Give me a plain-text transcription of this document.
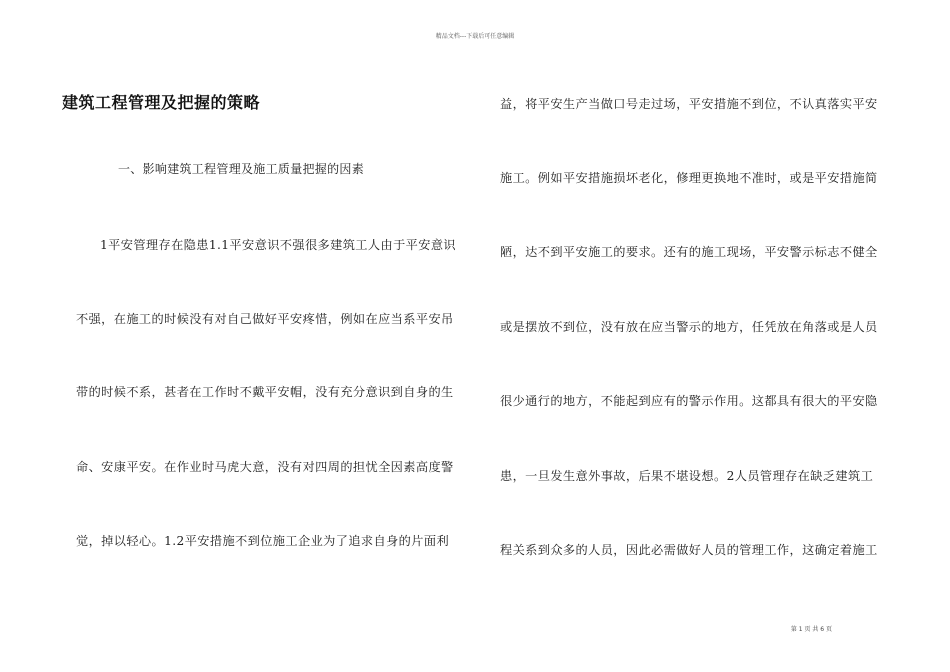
精品文档---下载后可任意编辑
建筑工程管理及把握的策略
一、影响建筑工程管理及施工质量把握的因素
1平安管理存在隐患1.1平安意识不强很多建筑工人由于平安意识
不强，在施工的时候没有对自己做好平安疼惜，例如在应当系平安吊
带的时候不系，甚者在工作时不戴平安帽，没有充分意识到自身的生
命、安康平安。在作业时马虎大意，没有对四周的担忧全因素高度警
觉，掉以轻心。1.2平安措施不到位施工企业为了追求自身的片面利
益，将平安生产当做口号走过场，平安措施不到位，不认真落实平安
施工。例如平安措施损坏老化，修理更换地不准时，或是平安措施简
陋，达不到平安施工的要求。还有的施工现场，平安警示标志不健全
或是摆放不到位，没有放在应当警示的地方，任凭放在角落或是人员
很少通行的地方，不能起到应有的警示作用。这都具有很大的平安隐
患，一旦发生意外事故，后果不堪设想。2人员管理存在缺乏建筑工
程关系到众多的人员，因此必需做好人员的管理工作，这确定着施工
第 1 页 共 6 页
